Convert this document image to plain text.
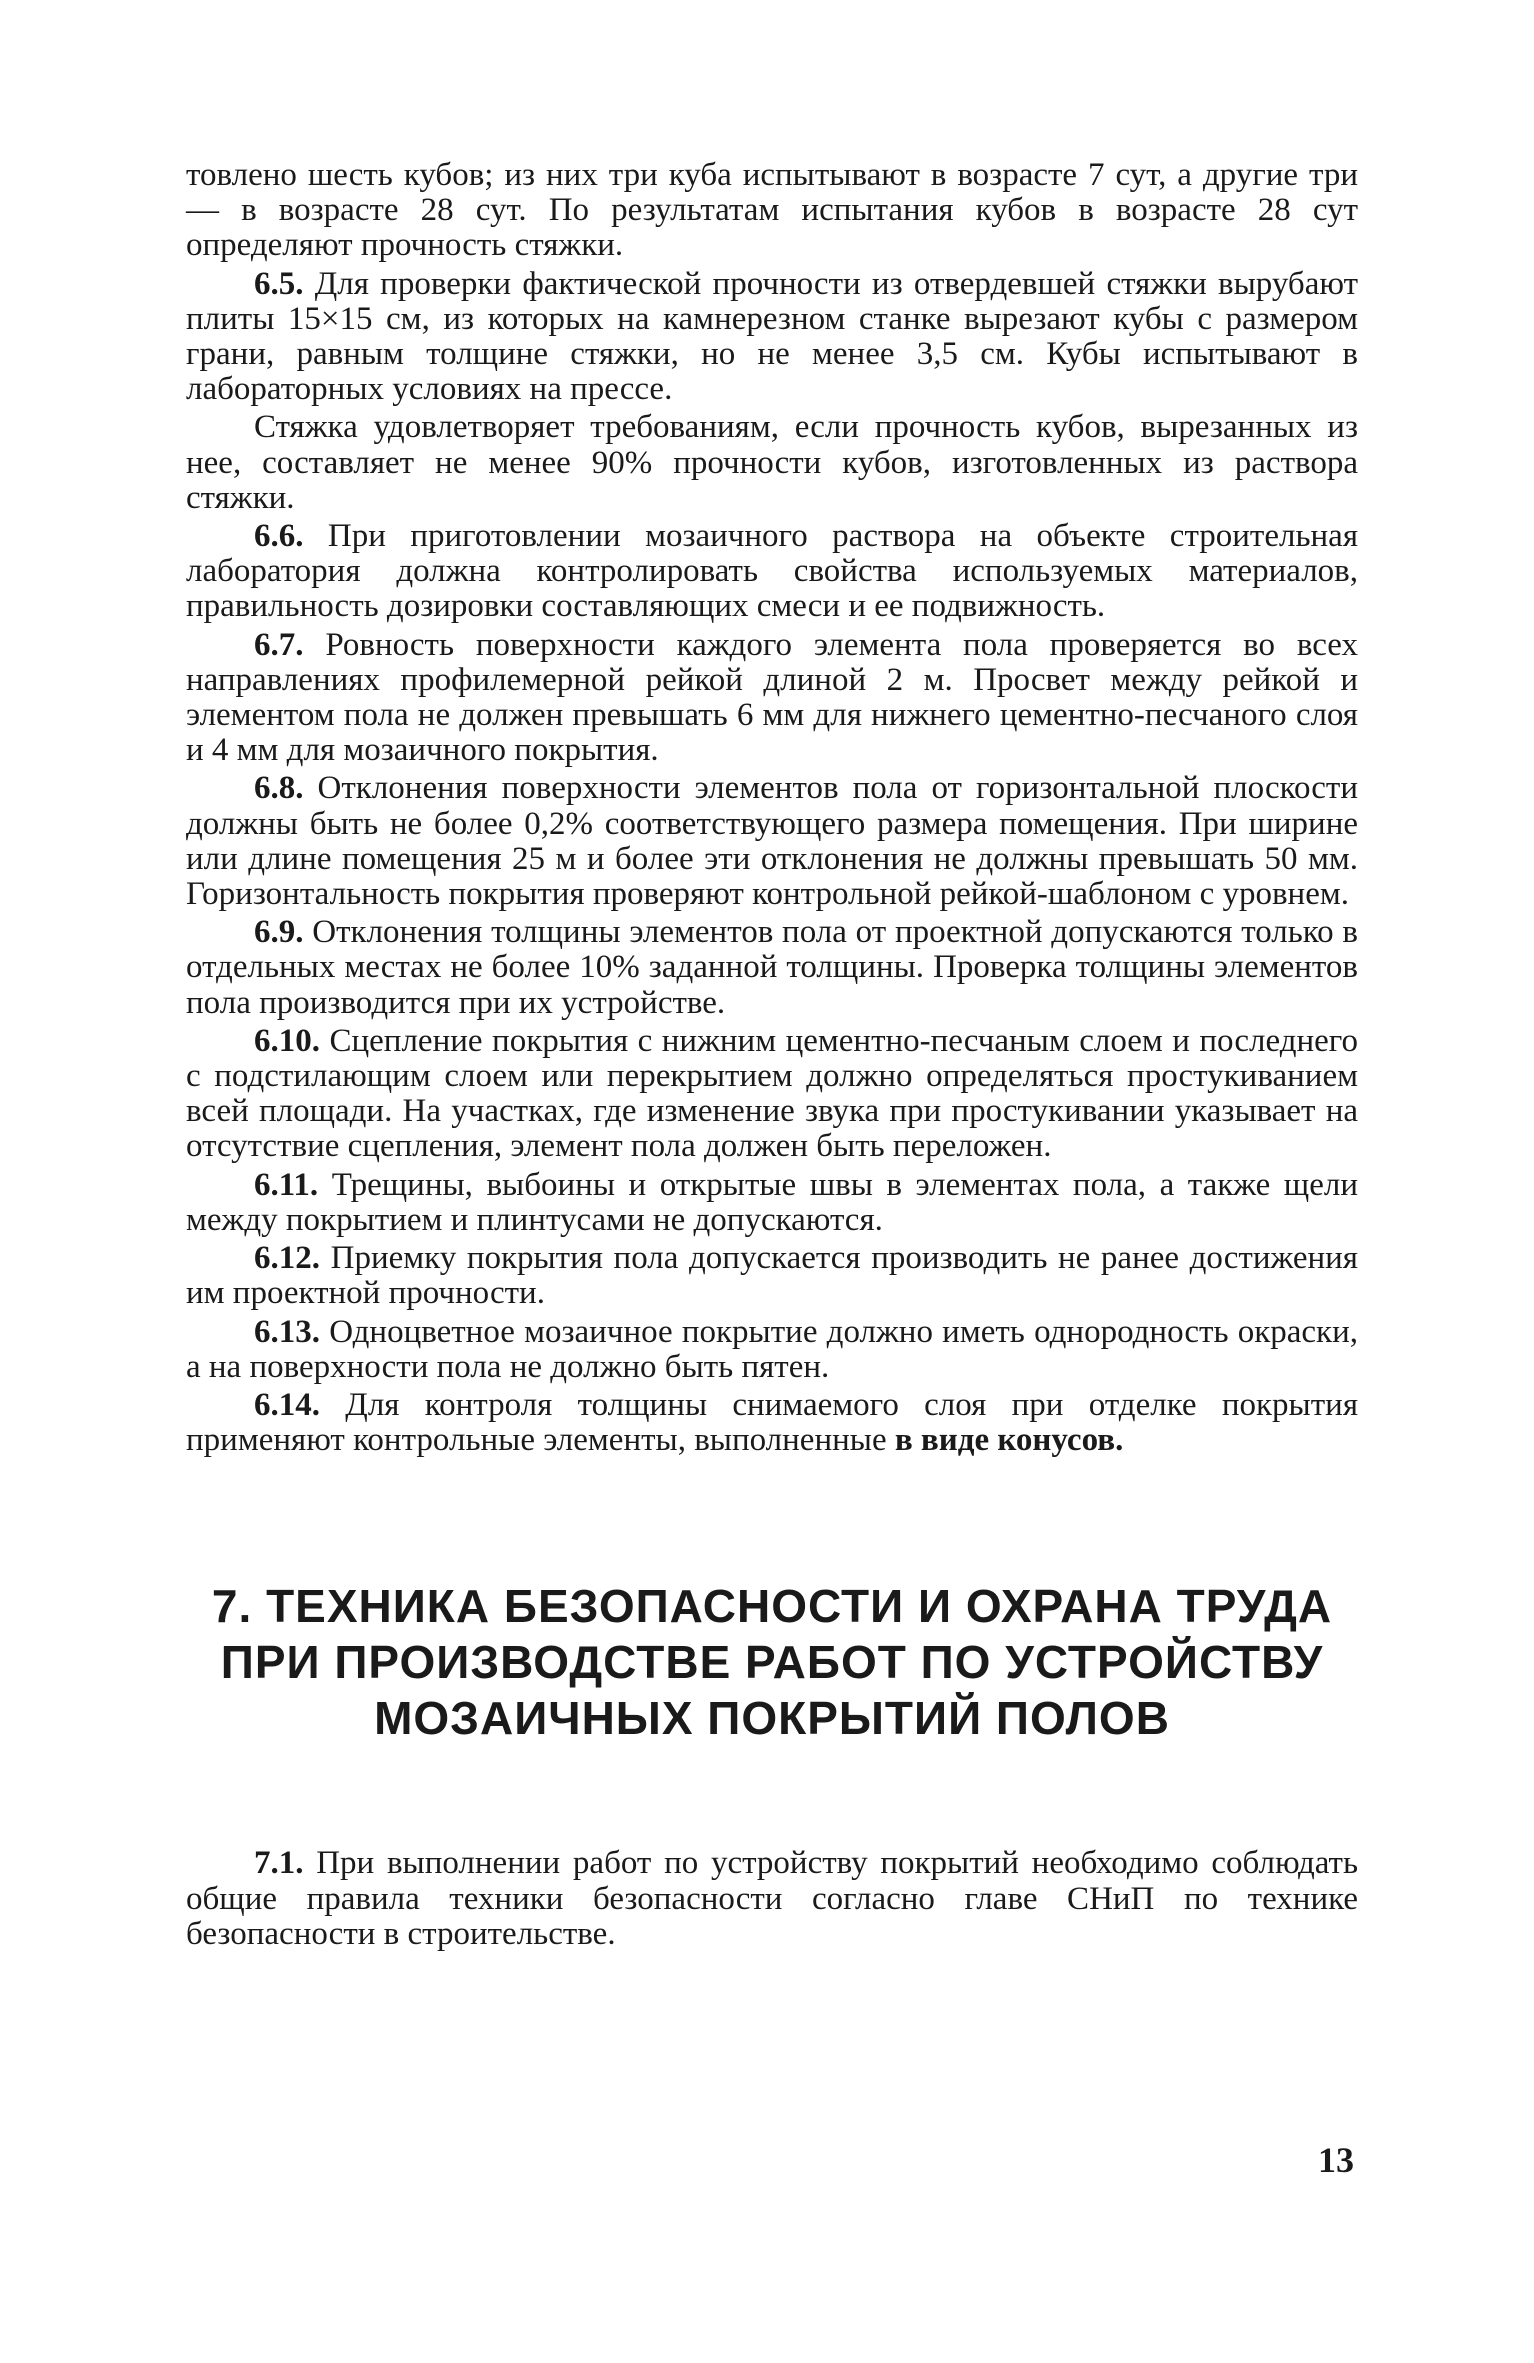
товлено шесть кубов; из них три куба испытывают в возрасте 7 сут, а другие три — в возрасте 28 сут. По результатам испытания кубов в возрасте 28 сут определяют прочность стяжки.

6.5. Для проверки фактической прочности из отвердевшей стяжки вырубают плиты 15×15 см, из которых на камнерезном станке вырезают кубы с размером грани, равным толщине стяжки, но не менее 3,5 см. Кубы испытывают в лабораторных условиях на прессе.

Стяжка удовлетворяет требованиям, если прочность кубов, вырезанных из нее, составляет не менее 90% прочности кубов, изготовленных из раствора стяжки.

6.6. При приготовлении мозаичного раствора на объекте строительная лаборатория должна контролировать свойства используемых материалов, правильность дозировки составляющих смеси и ее подвижность.

6.7. Ровность поверхности каждого элемента пола проверяется во всех направлениях профилемерной рейкой длиной 2 м. Просвет между рейкой и элементом пола не должен превышать 6 мм для нижнего цементно-песчаного слоя и 4 мм для мозаичного покрытия.

6.8. Отклонения поверхности элементов пола от горизонтальной плоскости должны быть не более 0,2% соответствующего размера помещения. При ширине или длине помещения 25 м и более эти отклонения не должны превышать 50 мм. Горизонтальность покрытия проверяют контрольной рейкой-шаблоном с уровнем.

6.9. Отклонения толщины элементов пола от проектной допускаются только в отдельных местах не более 10% заданной толщины. Проверка толщины элементов пола производится при их устройстве.

6.10. Сцепление покрытия с нижним цементно-песчаным слоем и последнего с подстилающим слоем или перекрытием должно определяться простукиванием всей площади. На участках, где изменение звука при простукивании указывает на отсутствие сцепления, элемент пола должен быть переложен.

6.11. Трещины, выбоины и открытые швы в элементах пола, а также щели между покрытием и плинтусами не допускаются.

6.12. Приемку покрытия пола допускается производить не ранее достижения им проектной прочности.

6.13. Одноцветное мозаичное покрытие должно иметь однородность окраски, а на поверхности пола не должно быть пятен.

6.14. Для контроля толщины снимаемого слоя при отделке покрытия применяют контрольные элементы, выполненные в виде конусов.

7. ТЕХНИКА БЕЗОПАСНОСТИ И ОХРАНА ТРУДА
ПРИ ПРОИЗВОДСТВЕ РАБОТ ПО УСТРОЙСТВУ
МОЗАИЧНЫХ ПОКРЫТИЙ ПОЛОВ

7.1. При выполнении работ по устройству покрытий необходимо соблюдать общие правила техники безопасности согласно главе СНиП по технике безопасности в строительстве.

13
